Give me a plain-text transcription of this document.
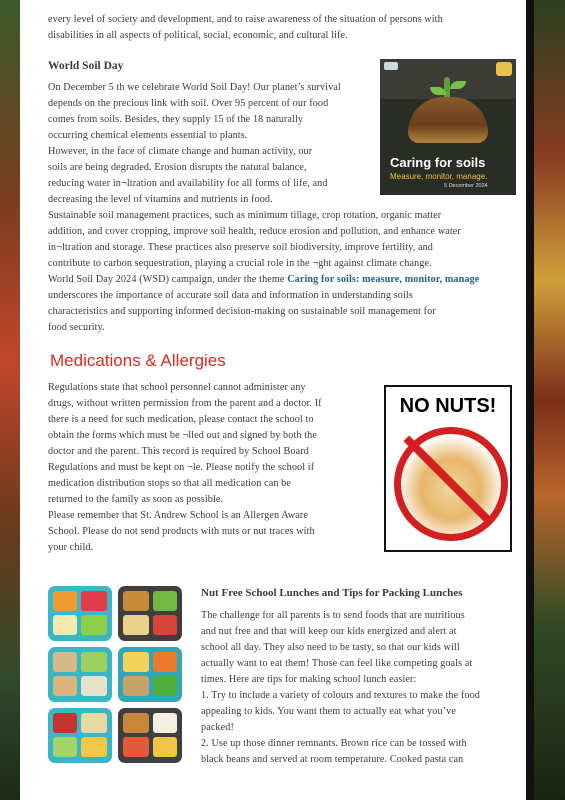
every level of society and development, and to raise awareness of the situation of persons with
disabilities in all aspects of political, social, economic, and cultural life.
World Soil Day
On December 5 th we celebrate World Soil Day! Our planet’s survival
depends on the precious link with soil. Over 95 percent of our food
comes from soils. Besides, they supply 15 of the 18 naturally
occurring chemical elements essential to plants.
However, in the face of climate change and human activity, our
soils are being degraded. Erosion disrupts the natural balance,
reducing water in¬ltration and availability for all forms of life, and
decreasing the level of vitamins and nutrients in food.
Sustainable soil management practices, such as minimum tillage, crop rotation, organic matter
addition, and cover cropping, improve soil health, reduce erosion and pollution, and enhance water
in¬ltration and storage. These practices also preserve soil biodiversity, improve fertility, and
contribute to carbon sequestration, playing a crucial role in the ¬ght against climate change.
World Soil Day 2024 (WSD) campaign, under the theme Caring for soils: measure, monitor, manage
underscores the importance of accurate soil data and information in understanding soils
characteristics and supporting informed decision-making on sustainable soil management for
food security.
Caring for soils
Measure, monitor, manage.
5 December 2024
Medications & Allergies
Regulations state that school personnel cannot administer any
drugs, without written permission from the parent and a doctor. If
there is a need for such medication, please contact the school to
obtain the forms which must be ¬lled out and signed by both the
doctor and the parent. This record is required by School Board
Regulations and must be kept on ¬le. Please notify the school if
medication distribution stops so that all medication can be
returned to the family as soon as possible.
Please remember that St. Andrew School is an Allergen Aware
School. Please do not send products with nuts or nut traces with
your child.
NO NUTS!
Nut Free School Lunches and Tips for Packing Lunches
The challenge for all parents is to send foods that are nutritious
and nut free and that will keep our kids energized and alert at
school all day. They also need to be tasty, so that our kids will
actually want to eat them! Those can feel like competing goals at
times. Here are tips for making school lunch easier:
1. Try to include a variety of colours and textures to make the food
appealing to kids. You want them to actually eat what you’ve
packed!
2. Use up those dinner remnants. Brown rice can be tossed with
black beans and served at room temperature. Cooked pasta can
